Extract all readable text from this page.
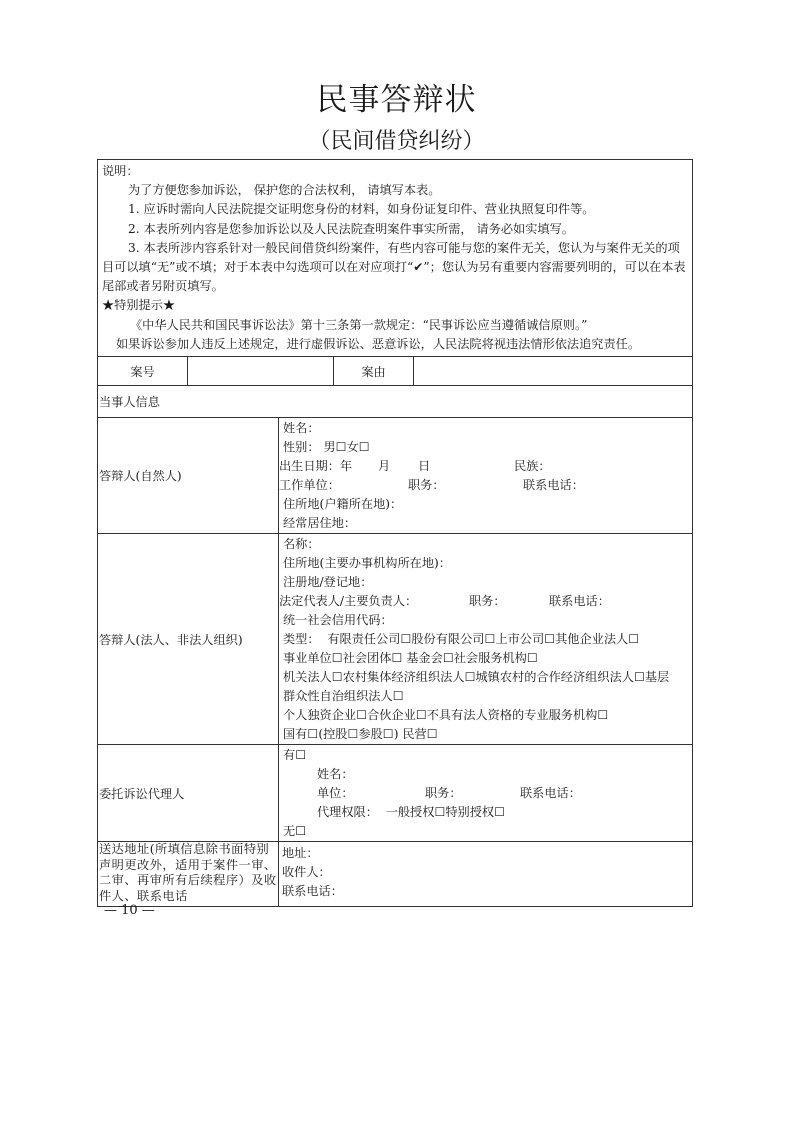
民事答辩状
（民间借贷纠纷）

说明：

为了方便您参加诉讼， 保护您的合法权利， 请填写本表。

1. 应诉时需向人民法院提交证明您身份的材料，如身份证复印件、营业执照复印件等。

2. 本表所列内容是您参加诉讼以及人民法院查明案件事实所需， 请务必如实填写。

3. 本表所涉内容系针对一般民间借贷纠纷案件，有些内容可能与您的案件无关，您认为与案件无关的项目可以填“无”或不填；对于本表中勾选项可以在对应项打“✔”；您认为另有重要内容需要列明的，可以在本表尾部或者另附页填写。

★特别提示★

《中华人民共和国民事诉讼法》第十三条第一款规定：“民事诉讼应当遵循诚信原则。”

如果诉讼参加人违反上述规定，进行虚假诉讼、恶意诉讼，人民法院将视违法情形依法追究责任。

案号			案由	
当事人信息				
答辩人(自然人)	
姓名：
性别： 男☐女☐
出生日期：年 月 日	民族：
工作单位：	职务：	联系电话：
住所地(户籍所在地)：
经常居住地：

答辩人(法人、非法人组织)	
名称：
住所地(主要办事机构所在地)：
注册地/登记地：
法定代表人/主要负责人：	职务：	联系电话：
统一社会信用代码：
类型： 有限责任公司☐股份有限公司☐上市公司☐其他企业法人☐
事业单位☐社会团体☐ 基金会☐社会服务机构☐
机关法人☐农村集体经济组织法人☐城镇农村的合作经济组织法人☐基层
群众性自治组织法人☐
个人独资企业☐合伙企业☐不具有法人资格的专业服务机构☐
国有☐(控股☐参股☐) 民营☐

委托诉讼代理人		有☐
姓名：
单位： 职务： 联系电话：
代理权限： 一般授权☐特别授权☐
无☐		

送达地址(所填信息除书面特别声明更改外，适用于案件一审、二审、再审所有后续程序）及收件人、联系电话		地址：
收件人：
联系电话：		
— 10 —
